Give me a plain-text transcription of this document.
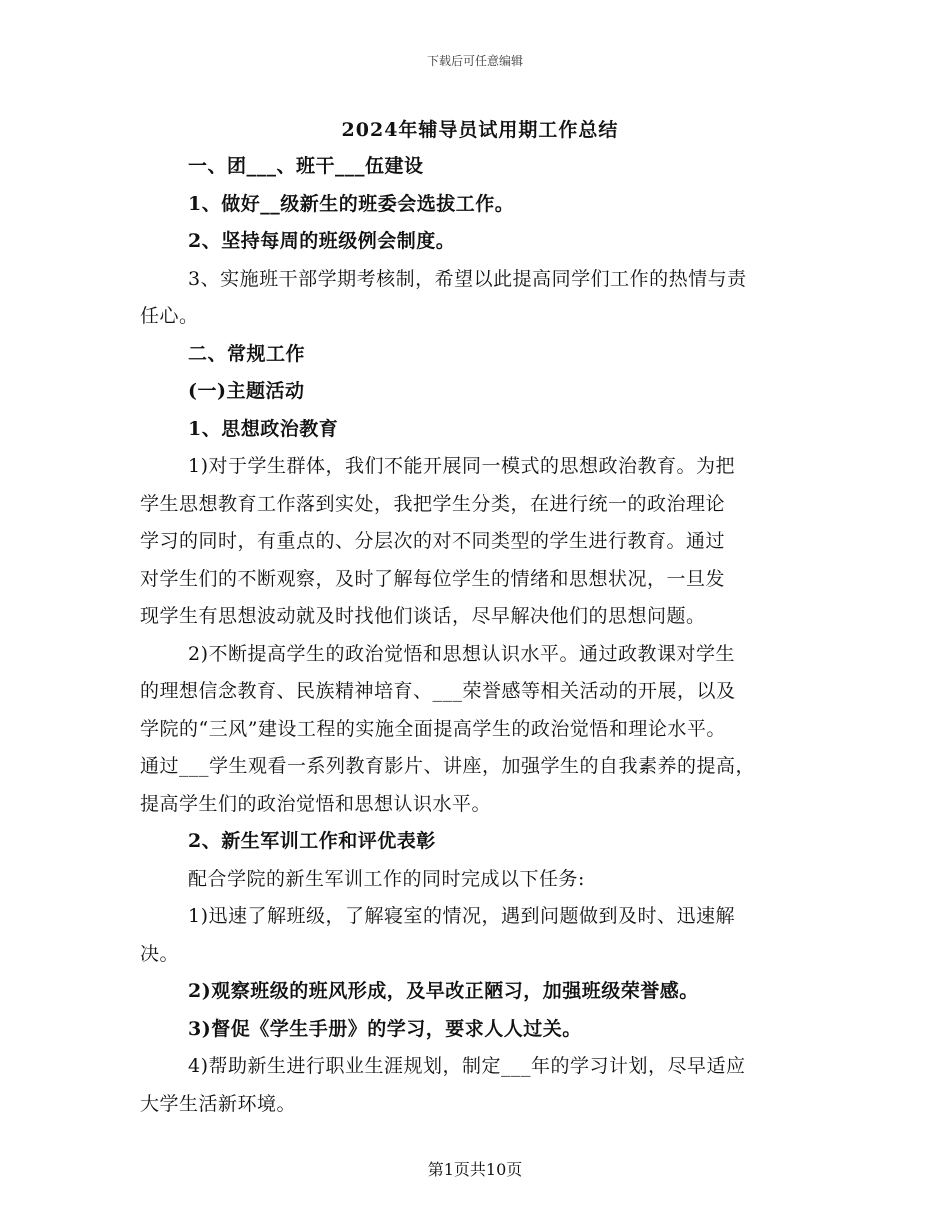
下载后可任意编辑

2024年辅导员试用期工作总结

一、团___、班干___伍建设

1、做好__级新生的班委会选拔工作。

2、坚持每周的班级例会制度。

3、实施班干部学期考核制，希望以此提高同学们工作的热情与责
任心。

二、常规工作

(一)主题活动

1、思想政治教育

1)对于学生群体，我们不能开展同一模式的思想政治教育。为把
学生思想教育工作落到实处，我把学生分类，在进行统一的政治理论
学习的同时，有重点的、分层次的对不同类型的学生进行教育。通过
对学生们的不断观察，及时了解每位学生的情绪和思想状况，一旦发
现学生有思想波动就及时找他们谈话，尽早解决他们的思想问题。
2)不断提高学生的政治觉悟和思想认识水平。通过政教课对学生
的理想信念教育、民族精神培育、___荣誉感等相关活动的开展，以及
学院的“三风”建设工程的实施全面提高学生的政治觉悟和理论水平。
通过___学生观看一系列教育影片、讲座，加强学生的自我素养的提高，
提高学生们的政治觉悟和思想认识水平。

2、新生军训工作和评优表彰

配合学院的新生军训工作的同时完成以下任务:

1)迅速了解班级，了解寝室的情况，遇到问题做到及时、迅速解
决。

2)观察班级的班风形成，及早改正陋习，加强班级荣誉感。

3)督促《学生手册》的学习，要求人人过关。

4)帮助新生进行职业生涯规划，制定___年的学习计划，尽早适应
大学生活新环境。
第1页共10页
